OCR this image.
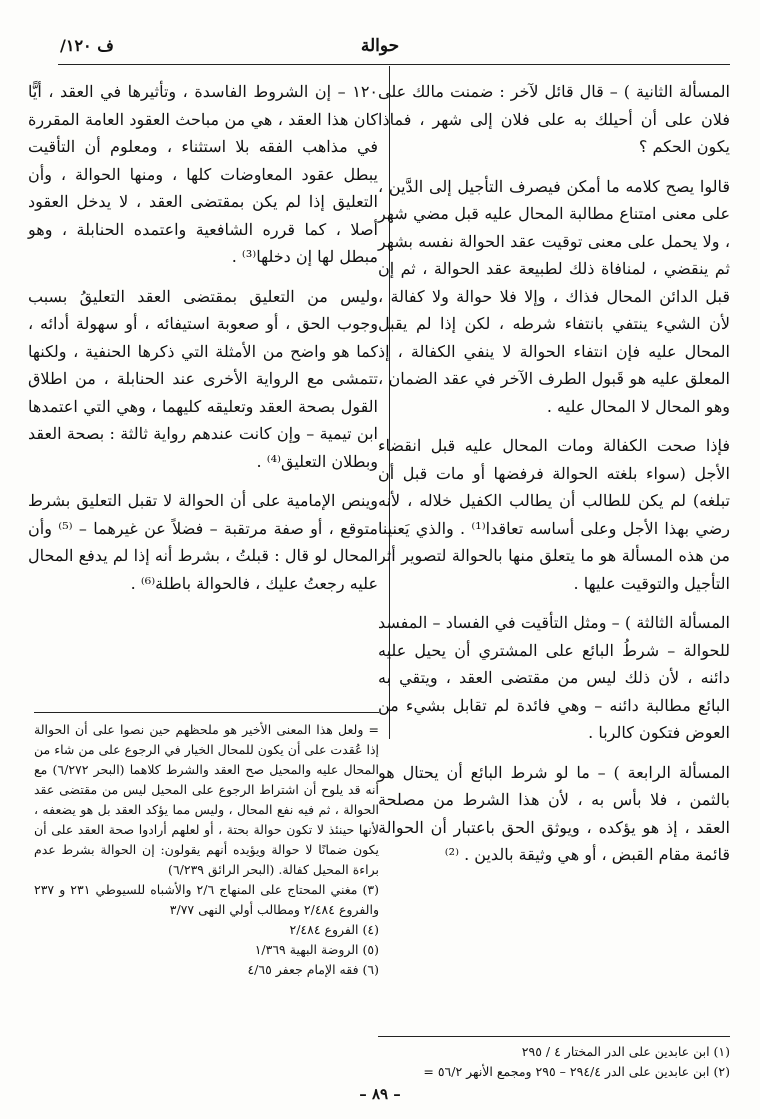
حوالة
ف ١٢٠/

المسألة الثانية ) – قال قائل لآخر : ضمنت مالك على فلان على أن أحيلك به على فلان إلى شهر ، فماذا يكون الحكم ؟

قالوا يصح كلامه ما أمكن فيصرف التأجيل إلى الدَّين ، على معنى امتناع مطالبة المحال عليه قبل مضي شهر ، ولا يحمل على معنى توقيت عقد الحوالة نفسه بشهر ثم ينقضي ، لمنافاة ذلك لطبيعة عقد الحوالة ، ثم إن قبل الدائن المحال فذاك ، وإلا فلا حوالة ولا كفالة ، لأن الشيء ينتفي بانتفاء شرطه ، لكن إذا لم يقبل المحال عليه فإن انتفاء الحوالة لا ينفي الكفالة ، إذ المعلق عليه هو قَبول الطرف الآخر في عقد الضمان ، وهو المحال لا المحال عليه .

فإذا صحت الكفالة ومات المحال عليه قبل انقضاء الأجل (سواء بلغته الحوالة فرفضها أو مات قبل أن تبلغه) لم يكن للطالب أن يطالب الكفيل خلاله ، لأنه رضي بهذا الأجل وعلى أساسه تعاقدا⁽¹⁾ . والذي يَعنينا من هذه المسألة هو ما يتعلق منها بالحوالة لتصوير أثر التأجيل والتوقيت عليها .

المسألة الثالثة ) – ومثل التأقيت في الفساد – المفسد للحوالة – شرطُ البائع على المشتري أن يحيل عليه دائنه ، لأن ذلك ليس من مقتضى العقد ، ويتقي به البائع مطالبة دائنه – وهي فائدة لم تقابل بشيء من العوض فتكون كالربا .

المسألة الرابعة ) – ما لو شرط البائع أن يحتال هو بالثمن ، فلا بأس به ، لأن هذا الشرط من مصلحة العقد ، إذ هو يؤكده ، ويوثق الحق باعتبار أن الحوالة قائمة مقام القبض ، أو هي وثيقة بالدين . ⁽²⁾

١٢٠ – إن الشروط الفاسدة ، وتأثيرها في العقد ، أيًّا كان هذا العقد ، هي من مباحث العقود العامة المقررة في مذاهب الفقه بلا استثناء ، ومعلوم أن التأقيت يبطل عقود المعاوضات كلها ، ومنها الحوالة ، وأن التعليق إذا لم يكن بمقتضى العقد ، لا يدخل العقود أصلا ، كما قرره الشافعية واعتمده الحنابلة ، وهو مبطل لها إن دخلها⁽³⁾ .

وليس من التعليق بمقتضى العقد التعليقُ بسبب وجوب الحق ، أو صعوبة استيفائه ، أو سهولة أدائه ، كما هو واضح من الأمثلة التي ذكرها الحنفية ، ولكنها تتمشى مع الرواية الأخرى عند الحنابلة ، من اطلاق القول بصحة العقد وتعليقه كليهما ، وهي التي اعتمدها ابن تيمية – وإن كانت عندهم رواية ثالثة : بصحة العقد وبطلان التعليق⁽⁴⁾ .

وينص الإمامية على أن الحوالة لا تقبل التعليق بشرط متوقع ، أو صفة مرتقبة – فضلاً عن غيرهما – ⁽⁵⁾ وأن المحال لو قال : قبلتُ ، بشرط أنه إذا لم يدفع المحال عليه رجعتُ عليك ، فالحوالة باطلة⁽⁶⁾ .

= ولعل هذا المعنى الأخير هو ملحظهم حين نصوا على أن الحوالة إذا عُقدت على أن يكون للمحال الخيار في الرجوع على من شاء من المحال عليه والمحيل صح العقد والشرط كلاهما (البحر ٦/٢٧٢) مع أنه قد يلوح أن اشتراط الرجوع على المحيل ليس من مقتضى عقد الحوالة ، ثم فيه نفع المحال ، وليس مما يؤكد العقد بل هو يضعفه ، لأنها حينئذ لا تكون حوالة بحتة ، أو لعلهم أرادوا صحة العقد على أن يكون ضمانًا لا حوالة ويؤيده أنهم يقولون: إن الحوالة بشرط عدم براءة المحيل كفالة. (البحر الرائق ٦/٢٣٩)

(٣) مغني المحتاج على المنهاج ٢/٦ والأشباه للسيوطي ٢٣١ و ٢٣٧ والفروع ٢/٤٨٤ ومطالب أولي النهى ٣/٧٧

(٤) الفروع ٢/٤٨٤

(٥) الروضة البهية ١/٣٦٩

(٦) فقه الإمام جعفر ٤/٦٥

(١) ابن عابدين على الدر المختار ٤ / ٢٩٥

(٢) ابن عابدين على الدر ٢٩٤/٤ – ٢٩٥ ومجمع الأنهر ٥٦/٢ =

– ٨٩ –
